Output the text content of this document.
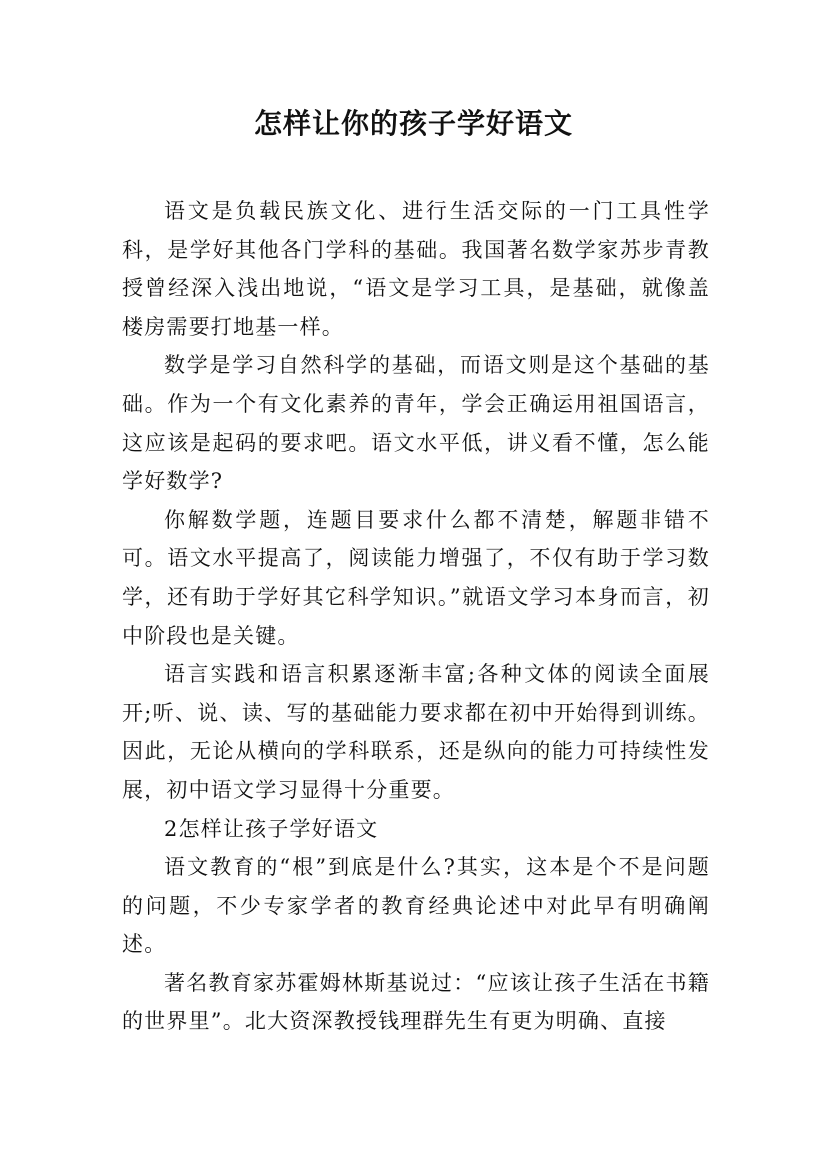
怎样让你的孩子学好语文

语文是负载民族文化、进行生活交际的一门工具性学科，是学好其他各门学科的基础。我国著名数学家苏步青教授曾经深入浅出地说，“语文是学习工具，是基础，就像盖楼房需要打地基一样。

数学是学习自然科学的基础，而语文则是这个基础的基础。作为一个有文化素养的青年，学会正确运用祖国语言，这应该是起码的要求吧。语文水平低，讲义看不懂，怎么能学好数学?

你解数学题，连题目要求什么都不清楚，解题非错不可。语文水平提高了，阅读能力增强了，不仅有助于学习数学，还有助于学好其它科学知识。”就语文学习本身而言，初中阶段也是关键。

语言实践和语言积累逐渐丰富;各种文体的阅读全面展开;听、说、读、写的基础能力要求都在初中开始得到训练。因此，无论从横向的学科联系，还是纵向的能力可持续性发展，初中语文学习显得十分重要。

2怎样让孩子学好语文

语文教育的“根”到底是什么?其实，这本是个不是问题的问题，不少专家学者的教育经典论述中对此早有明确阐述。

著名教育家苏霍姆林斯基说过：“应该让孩子生活在书籍的世界里”。北大资深教授钱理群先生有更为明确、直接
